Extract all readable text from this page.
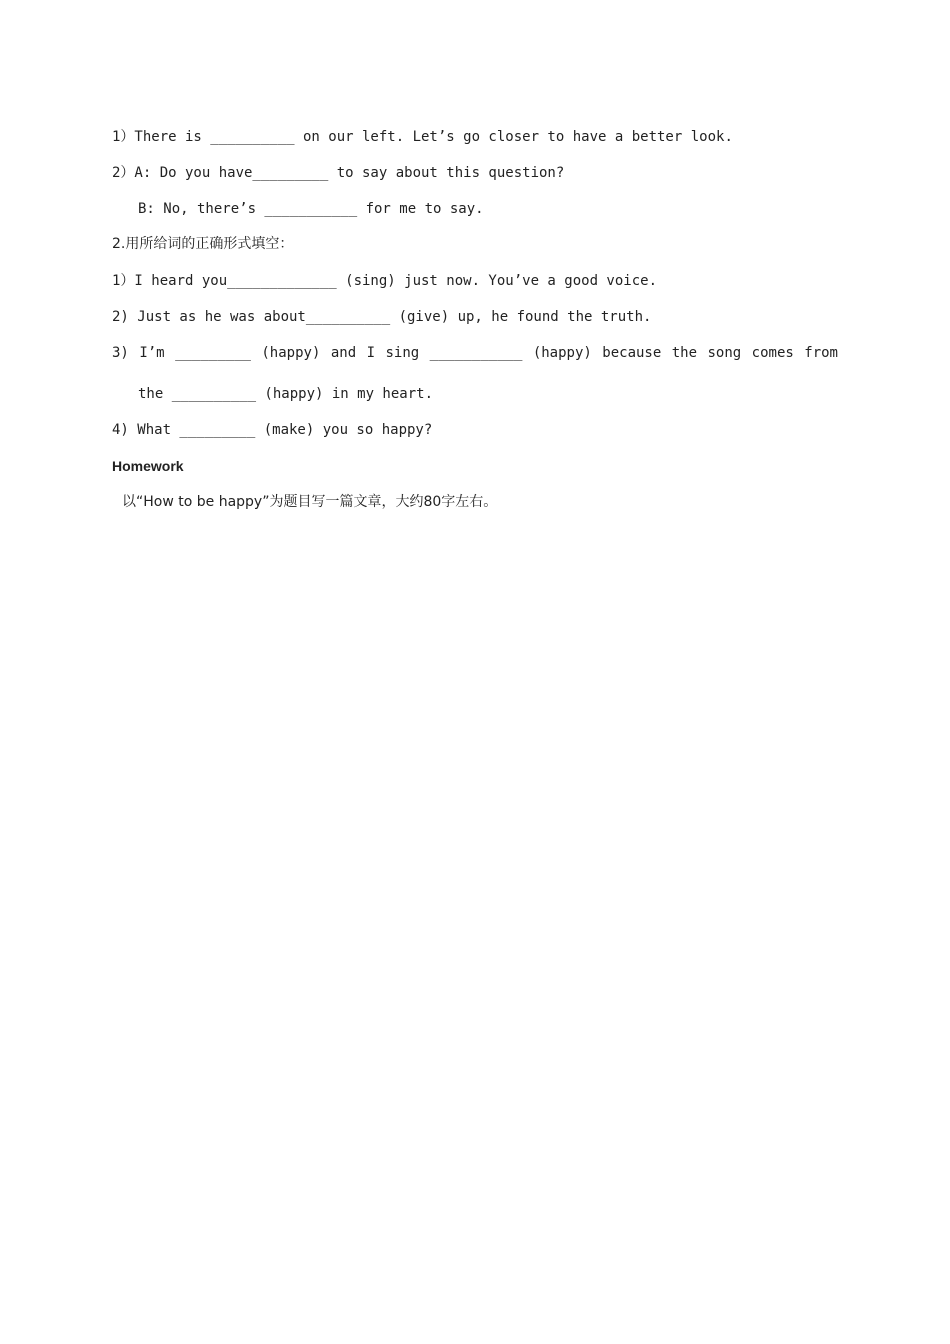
1）There is __________ on our left. Let’s go closer to have a better look.
2）A: Do you have_________ to say about this question?
B: No, there’s ___________ for me to say.
2.用所给词的正确形式填空：
1）I heard you_____________ (sing) just now. You’ve a good voice.
2) Just as he was about__________ (give) up, he found the truth.
3) I’m _________ (happy) and I sing ___________ (happy) because the song comes from
the __________ (happy) in my heart.
4) What _________ (make) you so happy?
Homework
以“How to be happy”为题目写一篇文章，大约80字左右。
